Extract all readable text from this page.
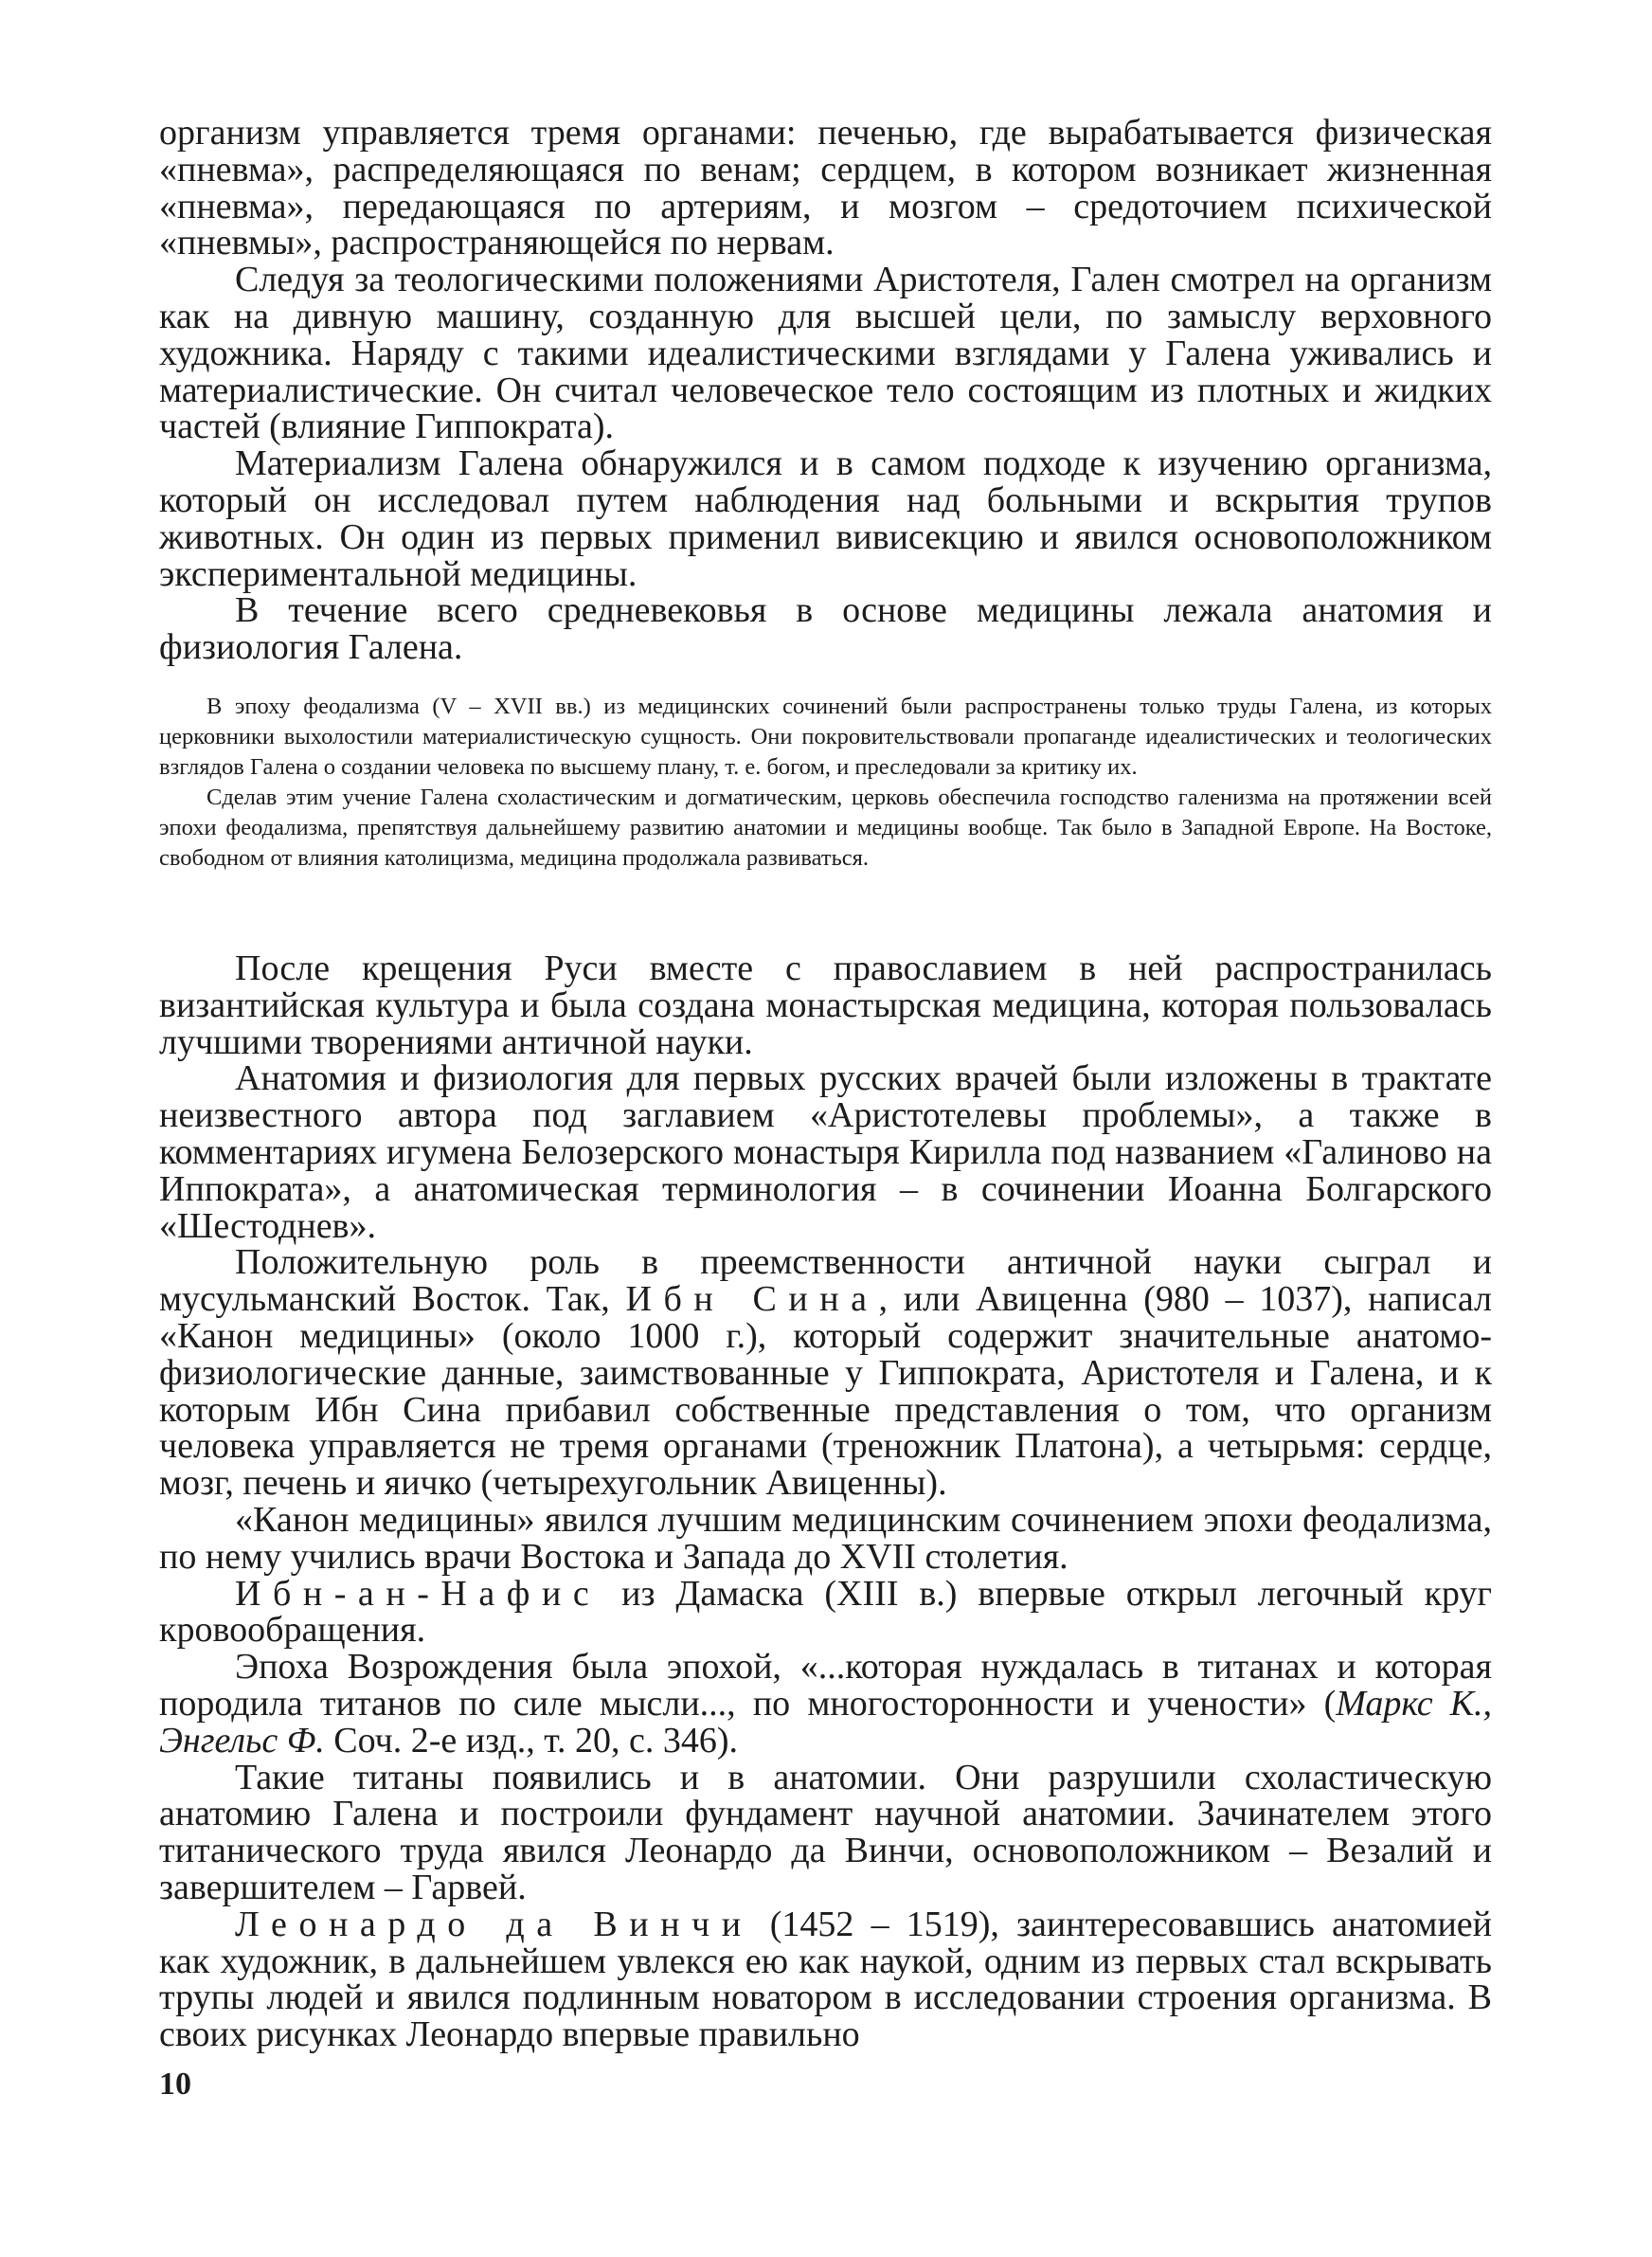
организм управляется тремя органами: печенью, где вырабатывается физическая «пневма», распределяющаяся по венам; сердцем, в котором возникает жизненная «пневма», передающаяся по артериям, и мозгом – средоточием психической «пневмы», распространяющейся по нервам.

Следуя за теологическими положениями Аристотеля, Гален смотрел на организм как на дивную машину, созданную для высшей цели, по замыслу верховного художника. Наряду с такими идеалистическими взглядами у Галена уживались и материалистические. Он считал человеческое тело состоящим из плотных и жидких частей (влияние Гиппократа).

Материализм Галена обнаружился и в самом подходе к изучению организма, который он исследовал путем наблюдения над больными и вскрытия трупов животных. Он один из первых применил вивисекцию и явился основоположником экспериментальной медицины.

В течение всего средневековья в основе медицины лежала анатомия и физиология Галена.

В эпоху феодализма (V – XVII вв.) из медицинских сочинений были распространены только труды Галена, из которых церковники выхолостили материалистическую сущность. Они покровительствовали пропаганде идеалистических и теологических взглядов Галена о создании человека по высшему плану, т. е. богом, и преследовали за критику их.

Сделав этим учение Галена схоластическим и догматическим, церковь обеспечила господство галенизма на протяжении всей эпохи феодализма, препятствуя дальнейшему развитию анатомии и медицины вообще. Так было в Западной Европе. На Востоке, свободном от влияния католицизма, медицина продолжала развиваться.

После крещения Руси вместе с православием в ней распространилась византийская культура и была создана монастырская медицина, которая пользовалась лучшими творениями античной науки.

Анатомия и физиология для первых русских врачей были изложены в трактате неизвестного автора под заглавием «Аристотелевы проблемы», а также в комментариях игумена Белозерского монастыря Кирилла под названием «Галиново на Иппократа», а анатомическая терминология – в сочинении Иоанна Болгарского «Шестоднев».

Положительную роль в преемственности античной науки сыграл и мусульманский Восток. Так, Ибн Сина, или Авиценна (980 – 1037), написал «Канон медицины» (около 1000 г.), который содержит значительные анатомо-физиологические данные, заимствованные у Гиппократа, Аристотеля и Галена, и к которым Ибн Сина прибавил собственные представления о том, что организм человека управляется не тремя органами (треножник Платона), а четырьмя: сердце, мозг, печень и яичко (четырехугольник Авиценны).

«Канон медицины» явился лучшим медицинским сочинением эпохи феодализма, по нему учились врачи Востока и Запада до XVII столетия.

Ибн-ан-Нафис из Дамаска (XIII в.) впервые открыл легочный круг кровообращения.

Эпоха Возрождения была эпохой, «...которая нуждалась в титанах и которая породила титанов по силе мысли..., по многосторонности и учености» (Маркс К., Энгельс Ф. Соч. 2-е изд., т. 20, с. 346).

Такие титаны появились и в анатомии. Они разрушили схоластическую анатомию Галена и построили фундамент научной анатомии. Зачинателем этого титанического труда явился Леонардо да Винчи, основоположником – Везалий и завершителем – Гарвей.

Леонардо да Винчи (1452 – 1519), заинтересовавшись анатомией как художник, в дальнейшем увлекся ею как наукой, одним из первых стал вскрывать трупы людей и явился подлинным новатором в исследовании строения организма. В своих рисунках Леонардо впервые правильно

10
